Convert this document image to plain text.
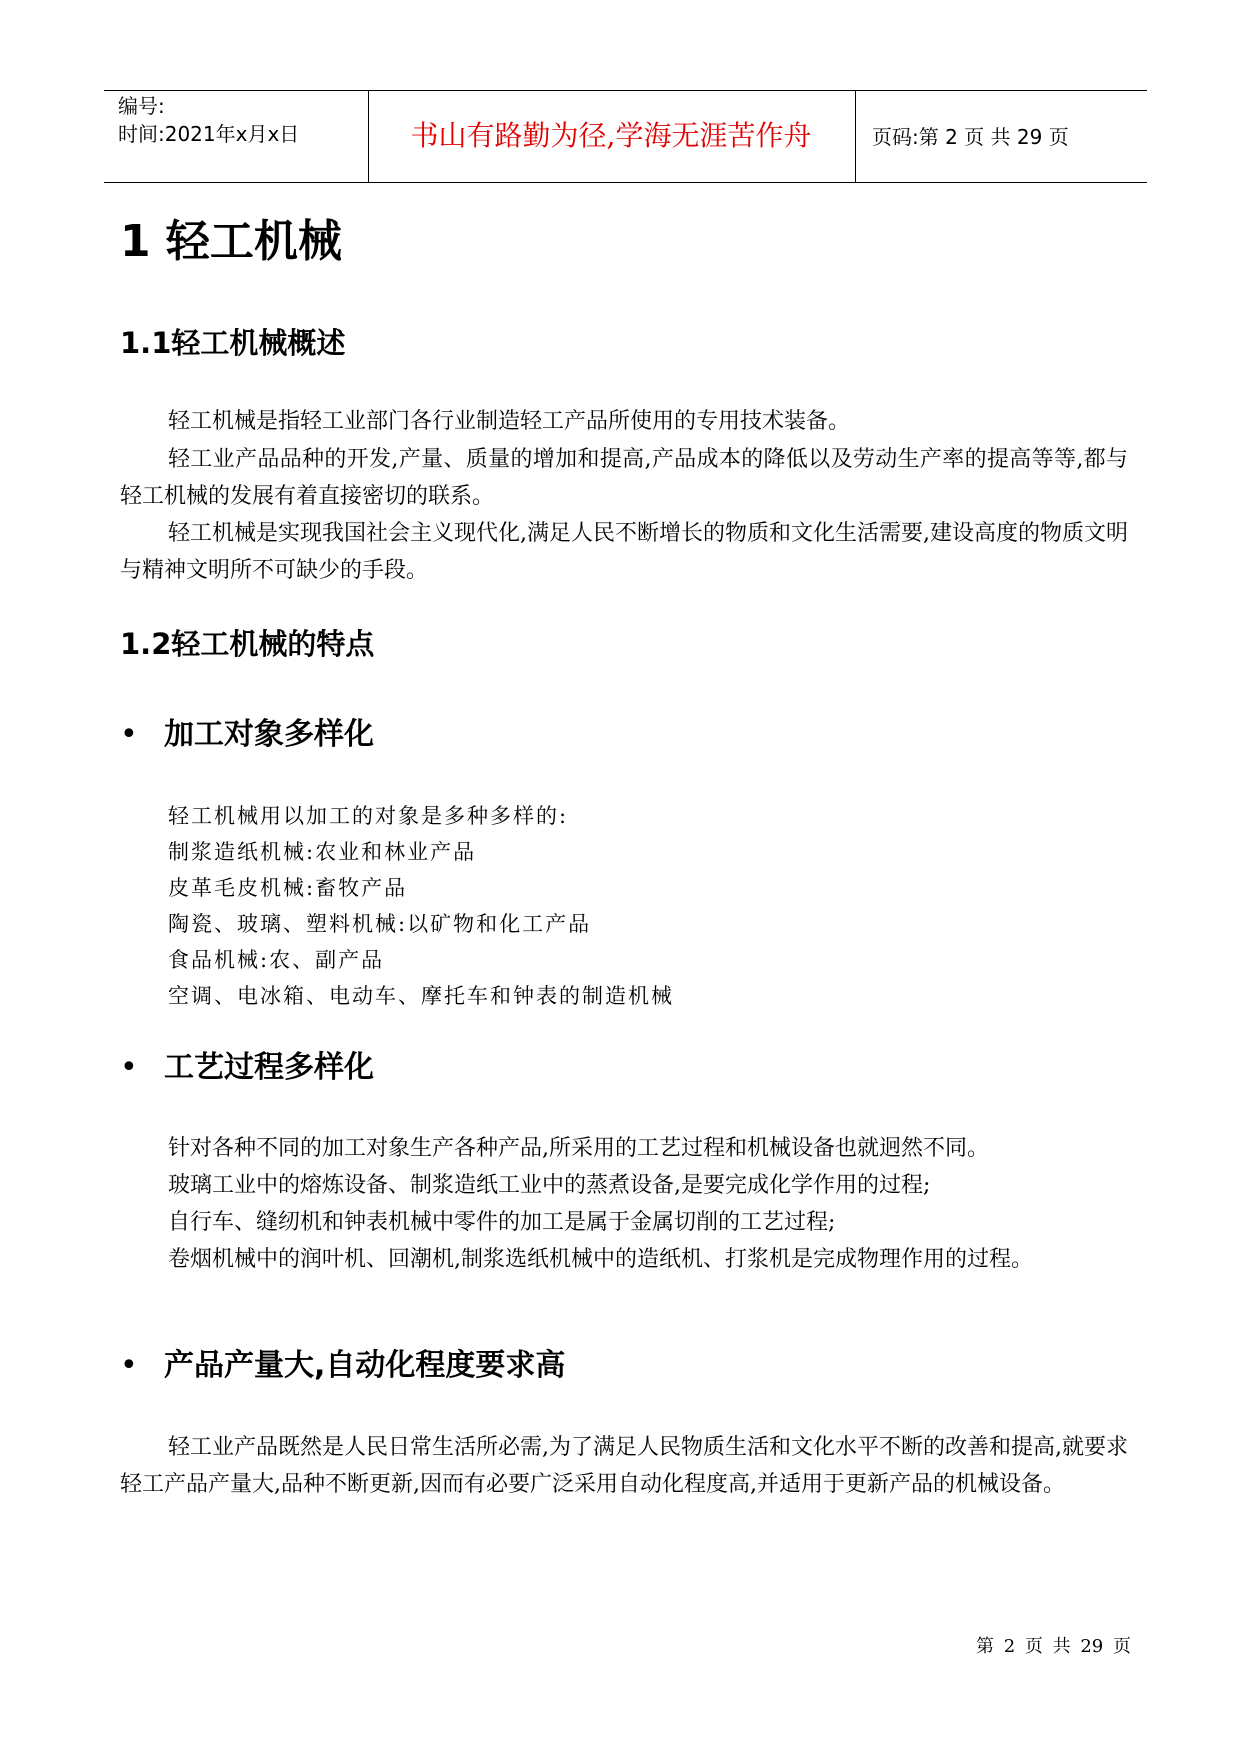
编号:
时间:2021年x月x日	书山有路勤为径,学海无涯苦作舟	页码:第 2 页 共 29 页
1 轻工机械
1.1轻工机械概述
轻工机械是指轻工业部门各行业制造轻工产品所使用的专用技术装备。
轻工业产品品种的开发,产量、质量的增加和提高,产品成本的降低以及劳动生产率的提高等等,都与轻工机械的发展有着直接密切的联系。
轻工机械是实现我国社会主义现代化,满足人民不断增长的物质和文化生活需要,建设高度的物质文明与精神文明所不可缺少的手段。
1.2轻工机械的特点
• 加工对象多样化
轻工机械用以加工的对象是多种多样的:
制浆造纸机械:农业和林业产品
皮革毛皮机械:畜牧产品
陶瓷、玻璃、塑料机械:以矿物和化工产品
食品机械:农、副产品
空调、电冰箱、电动车、摩托车和钟表的制造机械
• 工艺过程多样化
针对各种不同的加工对象生产各种产品,所采用的工艺过程和机械设备也就迥然不同。
玻璃工业中的熔炼设备、制浆造纸工业中的蒸煮设备,是要完成化学作用的过程;
自行车、缝纫机和钟表机械中零件的加工是属于金属切削的工艺过程;
卷烟机械中的润叶机、回潮机,制浆选纸机械中的造纸机、打浆机是完成物理作用的过程。
• 产品产量大,自动化程度要求高
轻工业产品既然是人民日常生活所必需,为了满足人民物质生活和文化水平不断的改善和提高,就要求轻工产品产量大,品种不断更新,因而有必要广泛采用自动化程度高,并适用于更新产品的机械设备。
第 2 页 共 29 页
